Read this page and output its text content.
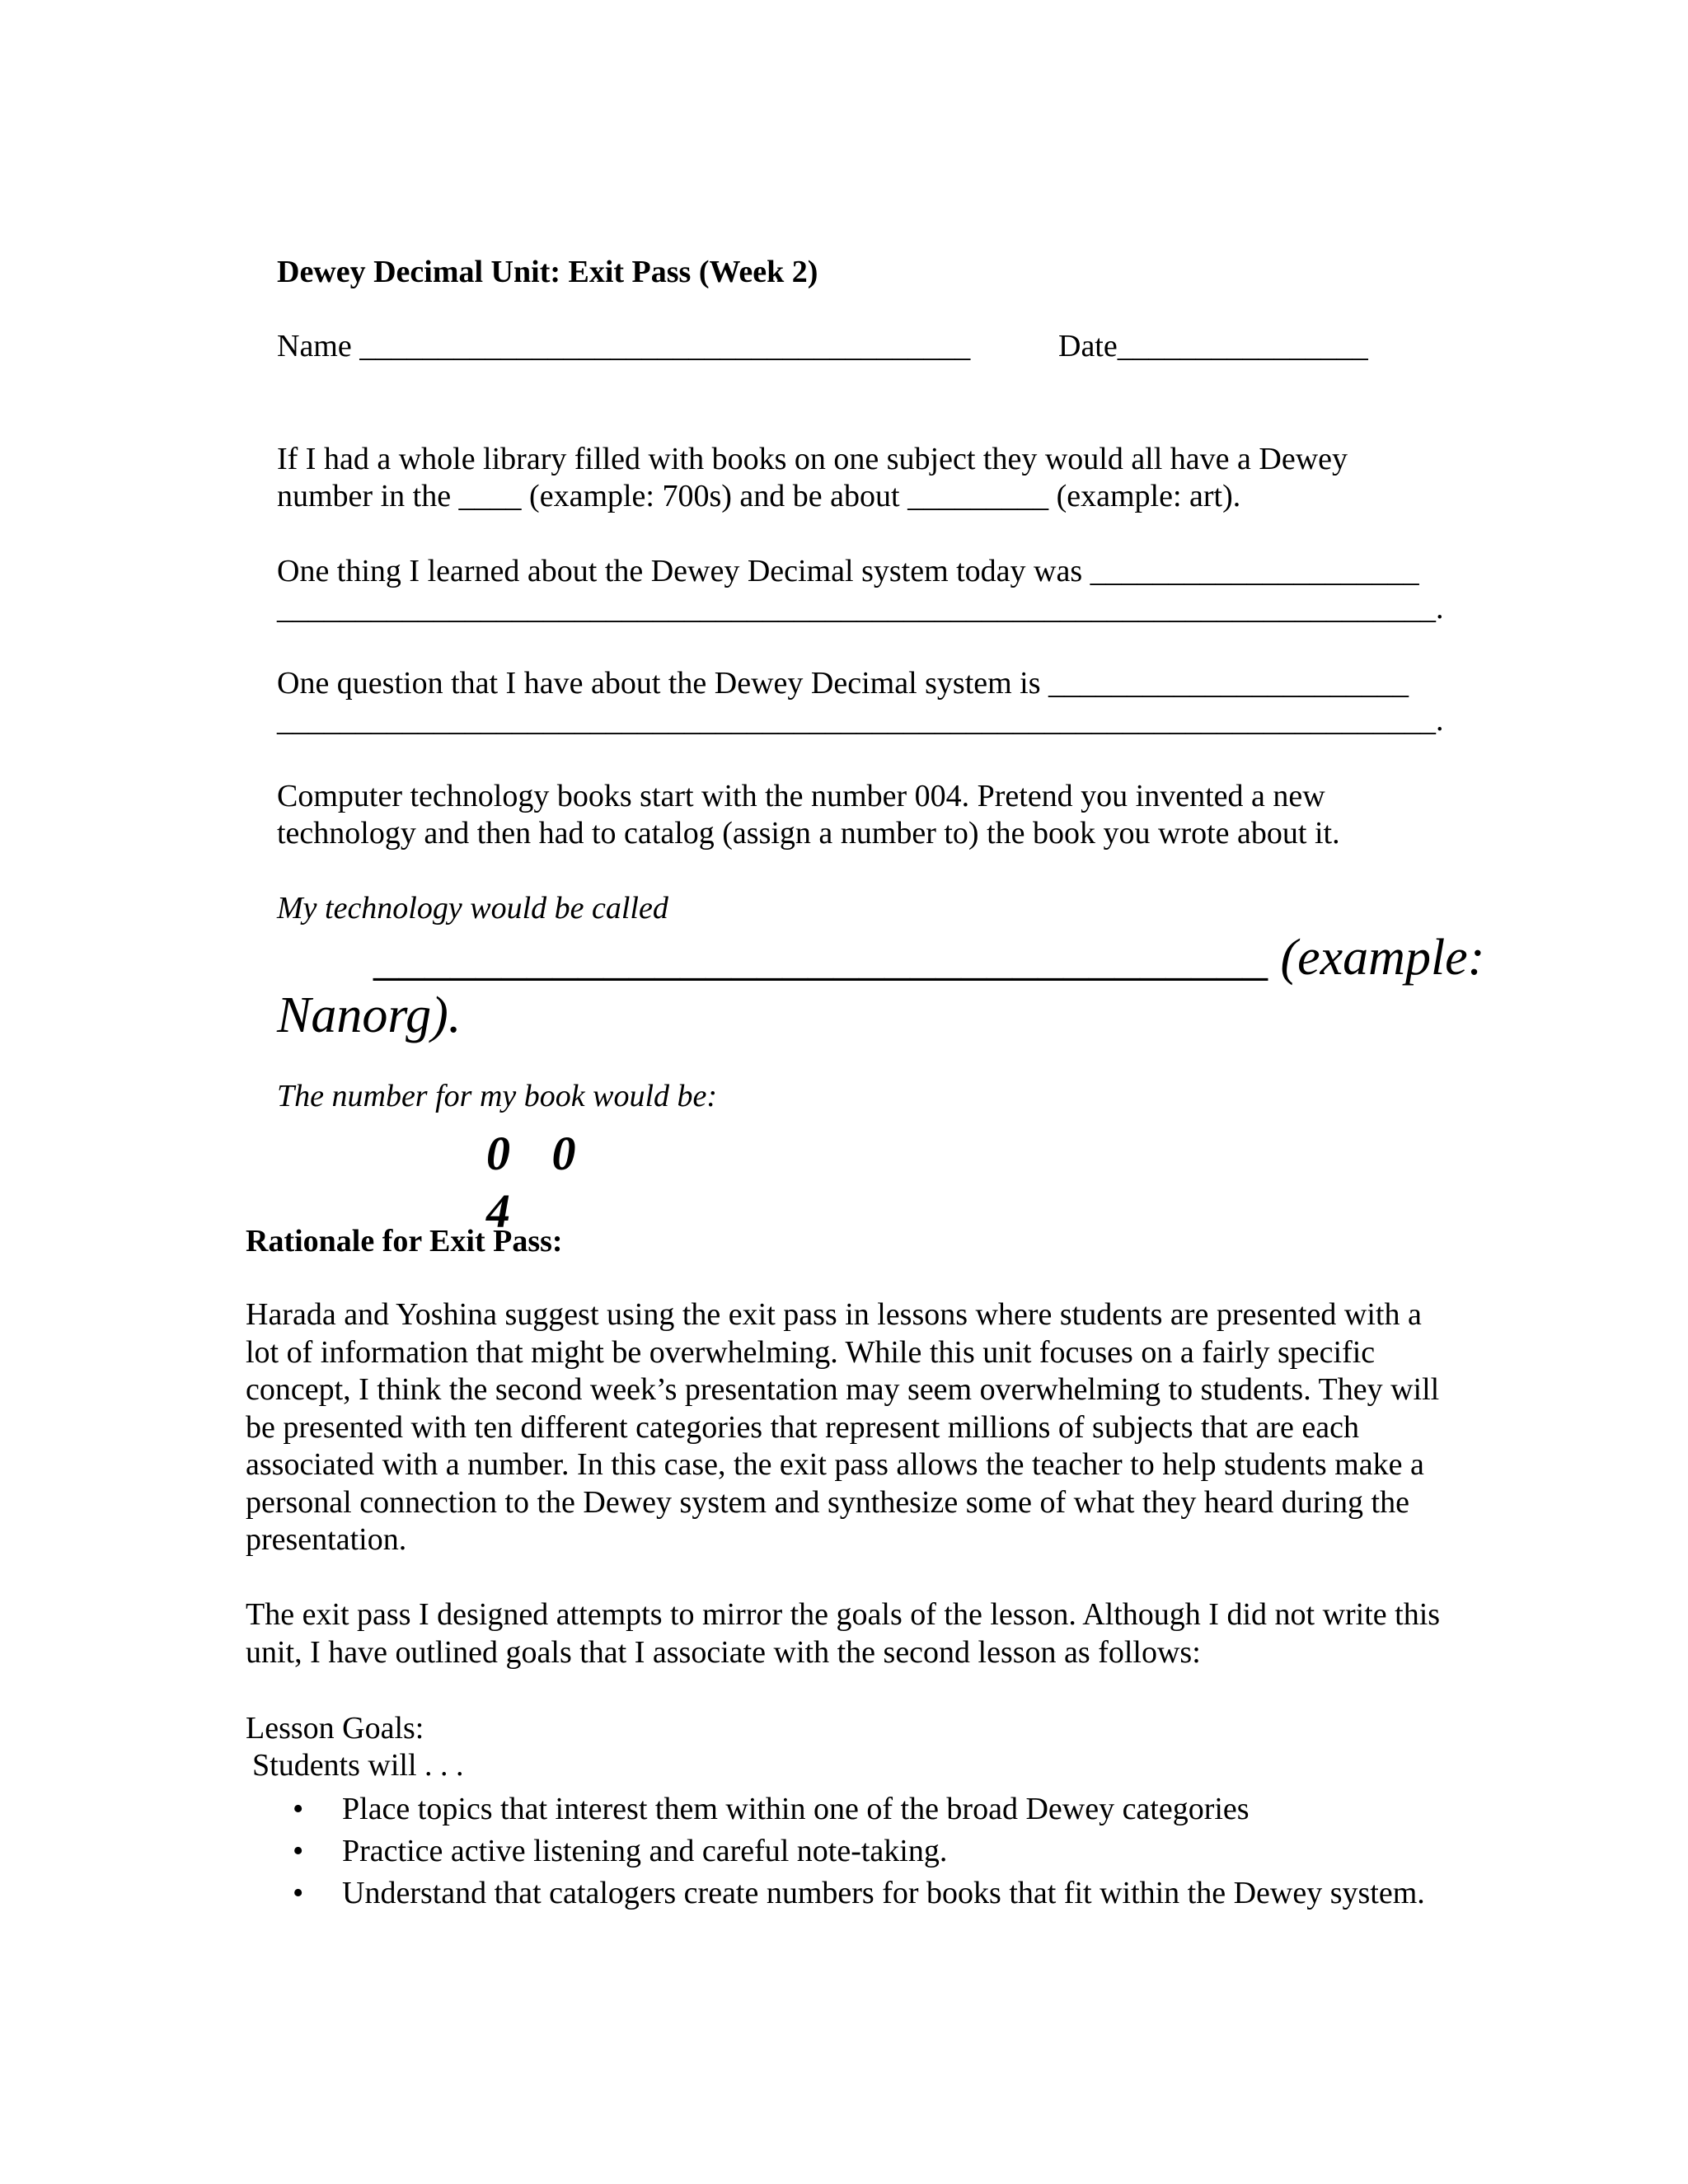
Dewey Decimal Unit: Exit Pass (Week 2)
Name _______________________________________	Date________________
If I had a whole library filled with books on one subject they would all have a Dewey
number in the ____ (example: 700s) and be about _________ (example: art).
One thing I learned about the Dewey Decimal system today was _____________________
__________________________________________________________________________.
One question that I have about the Dewey Decimal system is _______________________
__________________________________________________________________________.
Computer technology books start with the number 004. Pretend you invented a new
technology and then had to catalog (assign a number to) the book you wrote about it.
My technology would be called
___________________________________ (example:
Nanorg).
The number for my book would be:
0 0 4
Rationale for Exit Pass:

Harada and Yoshina suggest using the exit pass in lessons where students are presented with a lot of information that might be overwhelming. While this unit focuses on a fairly specific concept, I think the second week’s presentation may seem overwhelming to students. They will be presented with ten different categories that represent millions of subjects that are each associated with a number. In this case, the exit pass allows the teacher to help students make a personal connection to the Dewey system and synthesize some of what they heard during the presentation.

The exit pass I designed attempts to mirror the goals of the lesson. Although I did not write this unit, I have outlined goals that I associate with the second lesson as follows:

Lesson Goals:
Students will . . .
• Place topics that interest them within one of the broad Dewey categories
• Practice active listening and careful note-taking.
• Understand that catalogers create numbers for books that fit within the Dewey system.
